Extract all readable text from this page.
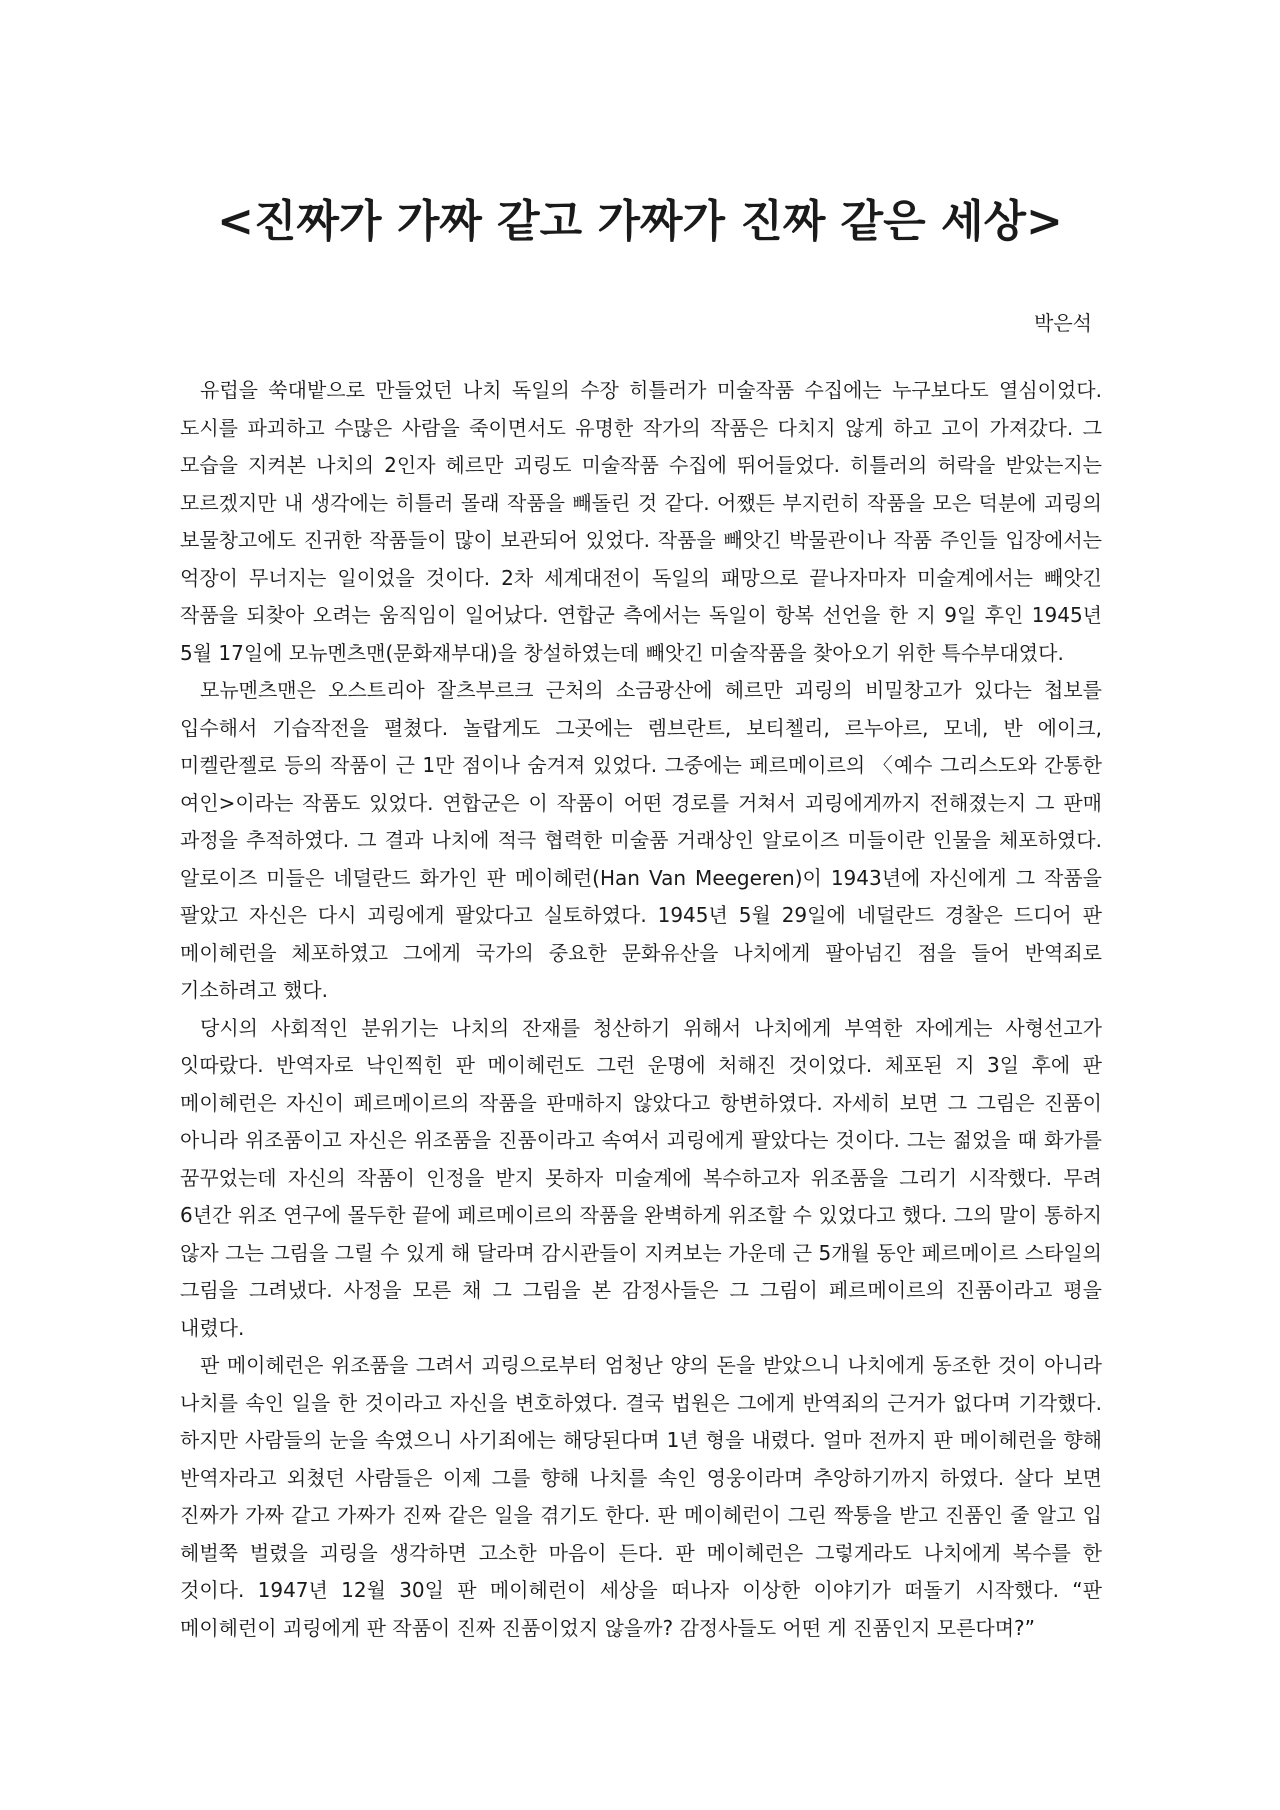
<진짜가 가짜 같고 가짜가 진짜 같은 세상>

박은석

유럽을 쑥대밭으로 만들었던 나치 독일의 수장 히틀러가 미술작품 수집에는 누구보다도 열심이었다. 도시를 파괴하고 수많은 사람을 죽이면서도 유명한 작가의 작품은 다치지 않게 하고 고이 가져갔다. 그 모습을 지켜본 나치의 2인자 헤르만 괴링도 미술작품 수집에 뛰어들었다. 히틀러의 허락을 받았는지는 모르겠지만 내 생각에는 히틀러 몰래 작품을 빼돌린 것 같다. 어쨌든 부지런히 작품을 모은 덕분에 괴링의 보물창고에도 진귀한 작품들이 많이 보관되어 있었다. 작품을 빼앗긴 박물관이나 작품 주인들 입장에서는 억장이 무너지는 일이었을 것이다. 2차 세계대전이 독일의 패망으로 끝나자마자 미술계에서는 빼앗긴 작품을 되찾아 오려는 움직임이 일어났다. 연합군 측에서는 독일이 항복 선언을 한 지 9일 후인 1945년 5월 17일에 모뉴멘츠맨(문화재부대)을 창설하였는데 빼앗긴 미술작품을 찾아오기 위한 특수부대였다.

모뉴멘츠맨은 오스트리아 잘츠부르크 근처의 소금광산에 헤르만 괴링의 비밀창고가 있다는 첩보를 입수해서 기습작전을 펼쳤다. 놀랍게도 그곳에는 렘브란트, 보티첼리, 르누아르, 모네, 반 에이크, 미켈란젤로 등의 작품이 근 1만 점이나 숨겨져 있었다. 그중에는 페르메이르의 〈예수 그리스도와 간통한 여인>이라는 작품도 있었다. 연합군은 이 작품이 어떤 경로를 거쳐서 괴링에게까지 전해졌는지 그 판매 과정을 추적하였다. 그 결과 나치에 적극 협력한 미술품 거래상인 알로이즈 미들이란 인물을 체포하였다. 알로이즈 미들은 네덜란드 화가인 판 메이헤런(Han Van Meegeren)이 1943년에 자신에게 그 작품을 팔았고 자신은 다시 괴링에게 팔았다고 실토하였다. 1945년 5월 29일에 네덜란드 경찰은 드디어 판 메이헤런을 체포하였고 그에게 국가의 중요한 문화유산을 나치에게 팔아넘긴 점을 들어 반역죄로 기소하려고 했다.

당시의 사회적인 분위기는 나치의 잔재를 청산하기 위해서 나치에게 부역한 자에게는 사형선고가 잇따랐다. 반역자로 낙인찍힌 판 메이헤런도 그런 운명에 처해진 것이었다. 체포된 지 3일 후에 판 메이헤런은 자신이 페르메이르의 작품을 판매하지 않았다고 항변하였다. 자세히 보면 그 그림은 진품이 아니라 위조품이고 자신은 위조품을 진품이라고 속여서 괴링에게 팔았다는 것이다. 그는 젊었을 때 화가를 꿈꾸었는데 자신의 작품이 인정을 받지 못하자 미술계에 복수하고자 위조품을 그리기 시작했다. 무려 6년간 위조 연구에 몰두한 끝에 페르메이르의 작품을 완벽하게 위조할 수 있었다고 했다. 그의 말이 통하지 않자 그는 그림을 그릴 수 있게 해 달라며 감시관들이 지켜보는 가운데 근 5개월 동안 페르메이르 스타일의 그림을 그려냈다. 사정을 모른 채 그 그림을 본 감정사들은 그 그림이 페르메이르의 진품이라고 평을 내렸다.

판 메이헤런은 위조품을 그려서 괴링으로부터 엄청난 양의 돈을 받았으니 나치에게 동조한 것이 아니라 나치를 속인 일을 한 것이라고 자신을 변호하였다. 결국 법원은 그에게 반역죄의 근거가 없다며 기각했다. 하지만 사람들의 눈을 속였으니 사기죄에는 해당된다며 1년 형을 내렸다. 얼마 전까지 판 메이헤런을 향해 반역자라고 외쳤던 사람들은 이제 그를 향해 나치를 속인 영웅이라며 추앙하기까지 하였다. 살다 보면 진짜가 가짜 같고 가짜가 진짜 같은 일을 겪기도 한다. 판 메이헤런이 그린 짝퉁을 받고 진품인 줄 알고 입 헤벌쭉 벌렸을 괴링을 생각하면 고소한 마음이 든다. 판 메이헤런은 그렇게라도 나치에게 복수를 한 것이다. 1947년 12월 30일 판 메이헤런이 세상을 떠나자 이상한 이야기가 떠돌기 시작했다. “판 메이헤런이 괴링에게 판 작품이 진짜 진품이었지 않을까? 감정사들도 어떤 게 진품인지 모른다며?”
